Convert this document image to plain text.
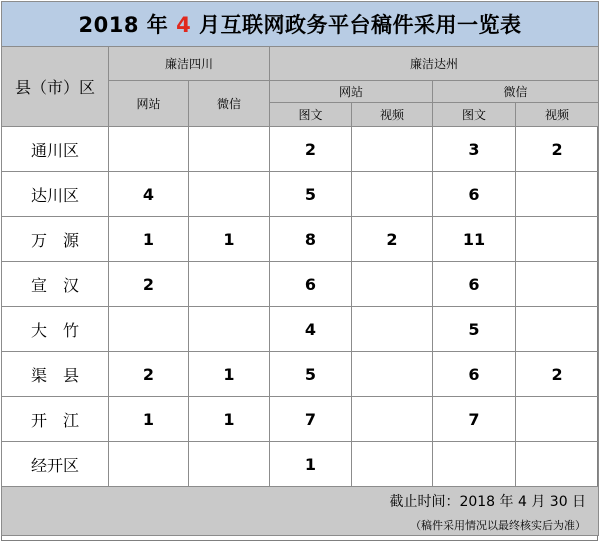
2018 年 4 月互联网政务平台稿件采用一览表						
县（市）区	廉洁四川		廉洁达州			
	网站	微信	网站		微信	
			图文	视频	图文	视频
通川区			2		3	2
达川区	4		5		6	
万　源	1	1	8	2	11	
宣　汉	2		6		6	
大　竹			4		5	
渠　县	2	1	5		6	2
开　江	1	1	7		7	
经开区			1			

截止时间：2018 年 4 月 30 日
（稿件采用情况以最终核实后为准）						
